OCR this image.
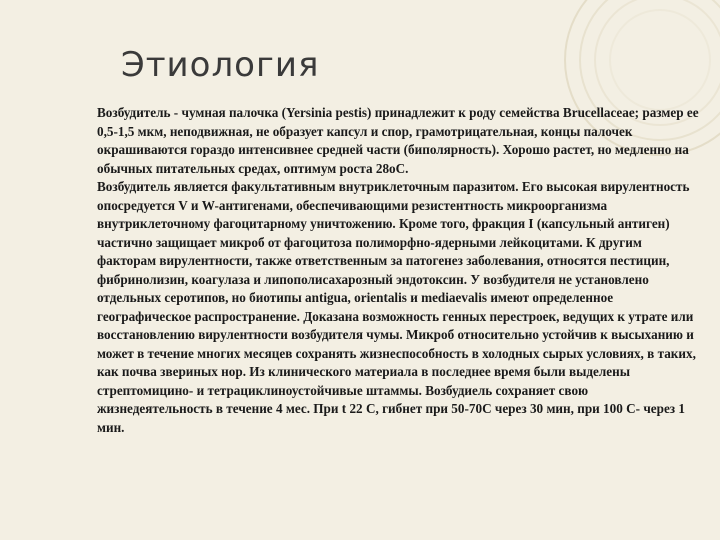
Этиология

Возбудитель - чумная палочка (Yersinia pestis) принадлежит к роду семейства Brucellaceae; размер ее 0,5-1,5 мкм, неподвижная, не образует капсул и спор, грамотрицательная, концы палочек окрашиваются гораздо интенсивнее средней части (биполярность). Хорошо растет, но медленно на обычных питательных средах, оптимум роста 28оС.

Возбудитель является факультативным внутриклеточным паразитом. Его высокая вирулентность опосредуется V и W-антигенами, обеспечивающими резистентность микроорганизма внутриклеточному фагоцитарному уничтожению. Кроме того, фракция I (капсульный антиген) частично защищает микроб от фагоцитоза полиморфно-ядерными лейкоцитами. К другим факторам вирулентности, также ответственным за патогенез заболевания, относятся пестицин, фибринолизин, коагулаза и липополисахарозный эндотоксин. У возбудителя не установлено отдельных серотипов, но биотипы antigua, orientalis и mediaevalis имеют определенное географическое распространение. Доказана возможность генных перестроек, ведущих к утрате или восстановлению вирулентности возбудителя чумы. Микроб относительно устойчив к высыханию и может в течение многих месяцев сохранять жизнеспособность в холодных сырых условиях, в таких, как почва звериных нор. Из клинического материала в последнее время были выделены стрептомицино- и тетрациклиноустойчивые штаммы. Возбудиель сохраняет свою жизнедеятельность в течение 4 мес. При t 22 С, гибнет при 50-70С через 30 мин, при 100 С- через 1 мин.
